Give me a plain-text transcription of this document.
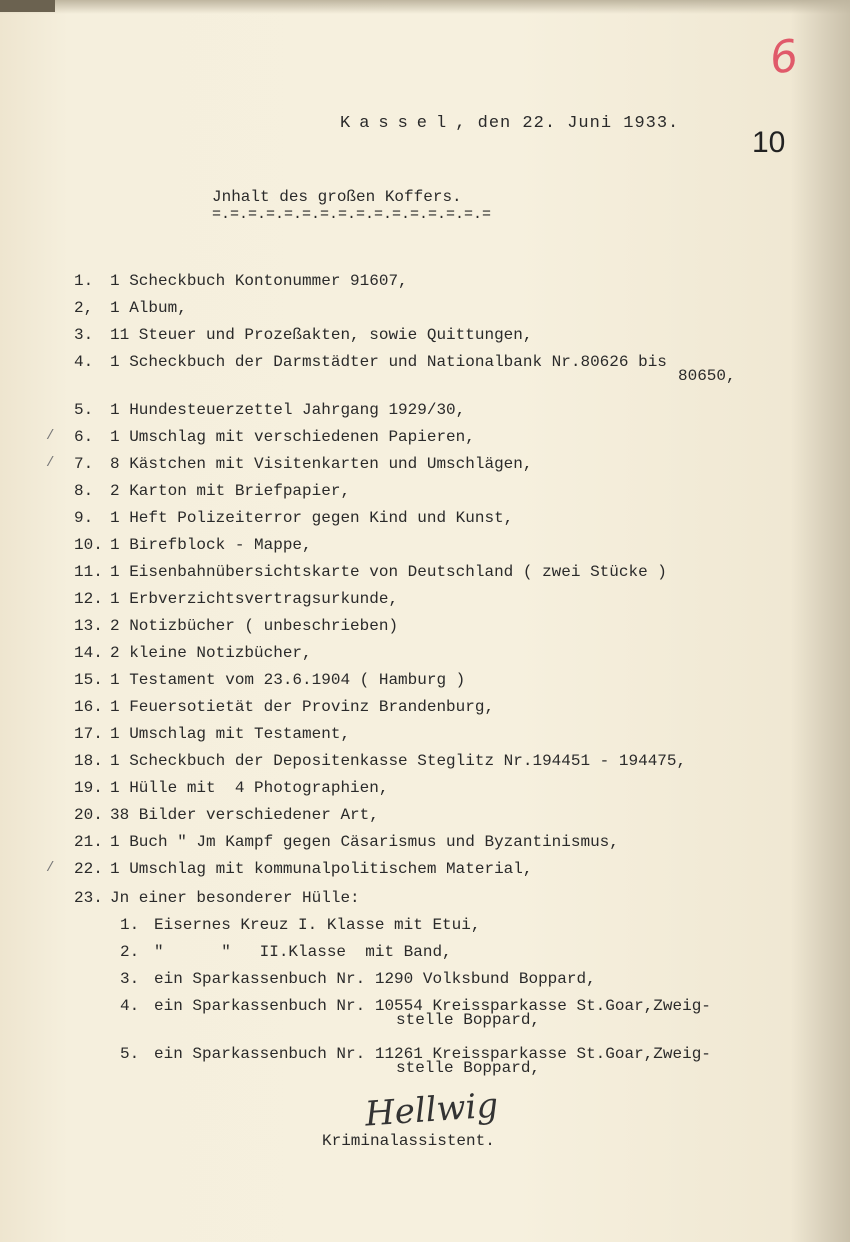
6
10
Kassel, den 22. Juni 1933.
Jnhalt des großen Koffers.
=.=.=.=.=.=.=.=.=.=.=.=.=.=.=.=
1. 1 Scheckbuch Kontonummer 91607,
2, 1 Album,
3. 11 Steuer und Prozeßakten, sowie Quittungen,
4. 1 Scheckbuch der Darmstädter und Nationalbank Nr.80626 bis
80650,
5. 1 Hundesteuerzettel Jahrgang 1929/30,
/ 6. 1 Umschlag mit verschiedenen Papieren,
/ 7. 8 Kästchen mit Visitenkarten und Umschlägen,
8. 2 Karton mit Briefpapier,
9. 1 Heft Polizeiterror gegen Kind und Kunst,
10. 1 Birefblock - Mappe,
11. 1 Eisenbahnübersichtskarte von Deutschland ( zwei Stücke )
12. 1 Erbverzichtsvertragsurkunde,
13. 2 Notizbücher ( unbeschrieben)
14. 2 kleine Notizbücher,
15. 1 Testament vom 23.6.1904 ( Hamburg )
16. 1 Feuersotietät der Provinz Brandenburg,
17. 1 Umschlag mit Testament,
18. 1 Scheckbuch der Depositenkasse Steglitz Nr.194451 - 194475,
19. 1 Hülle mit  4 Photographien,
20. 38 Bilder verschiedener Art,
21. 1 Buch " Jm Kampf gegen Cäsarismus und Byzantinismus,
/ 22. 1 Umschlag mit kommunalpolitischem Material,
23. Jn einer besonderer Hülle:
1. Eisernes Kreuz I. Klasse mit Etui,
2. "      "   II.Klasse  mit Band,
3. ein Sparkassenbuch Nr. 1290 Volksbund Boppard,
4. ein Sparkassenbuch Nr. 10554 Kreissparkasse St.Goar,Zweig-
stelle Boppard,
5. ein Sparkassenbuch Nr. 11261 Kreissparkasse St.Goar,Zweig-
stelle Boppard,
Hellwig
Kriminalassistent.
